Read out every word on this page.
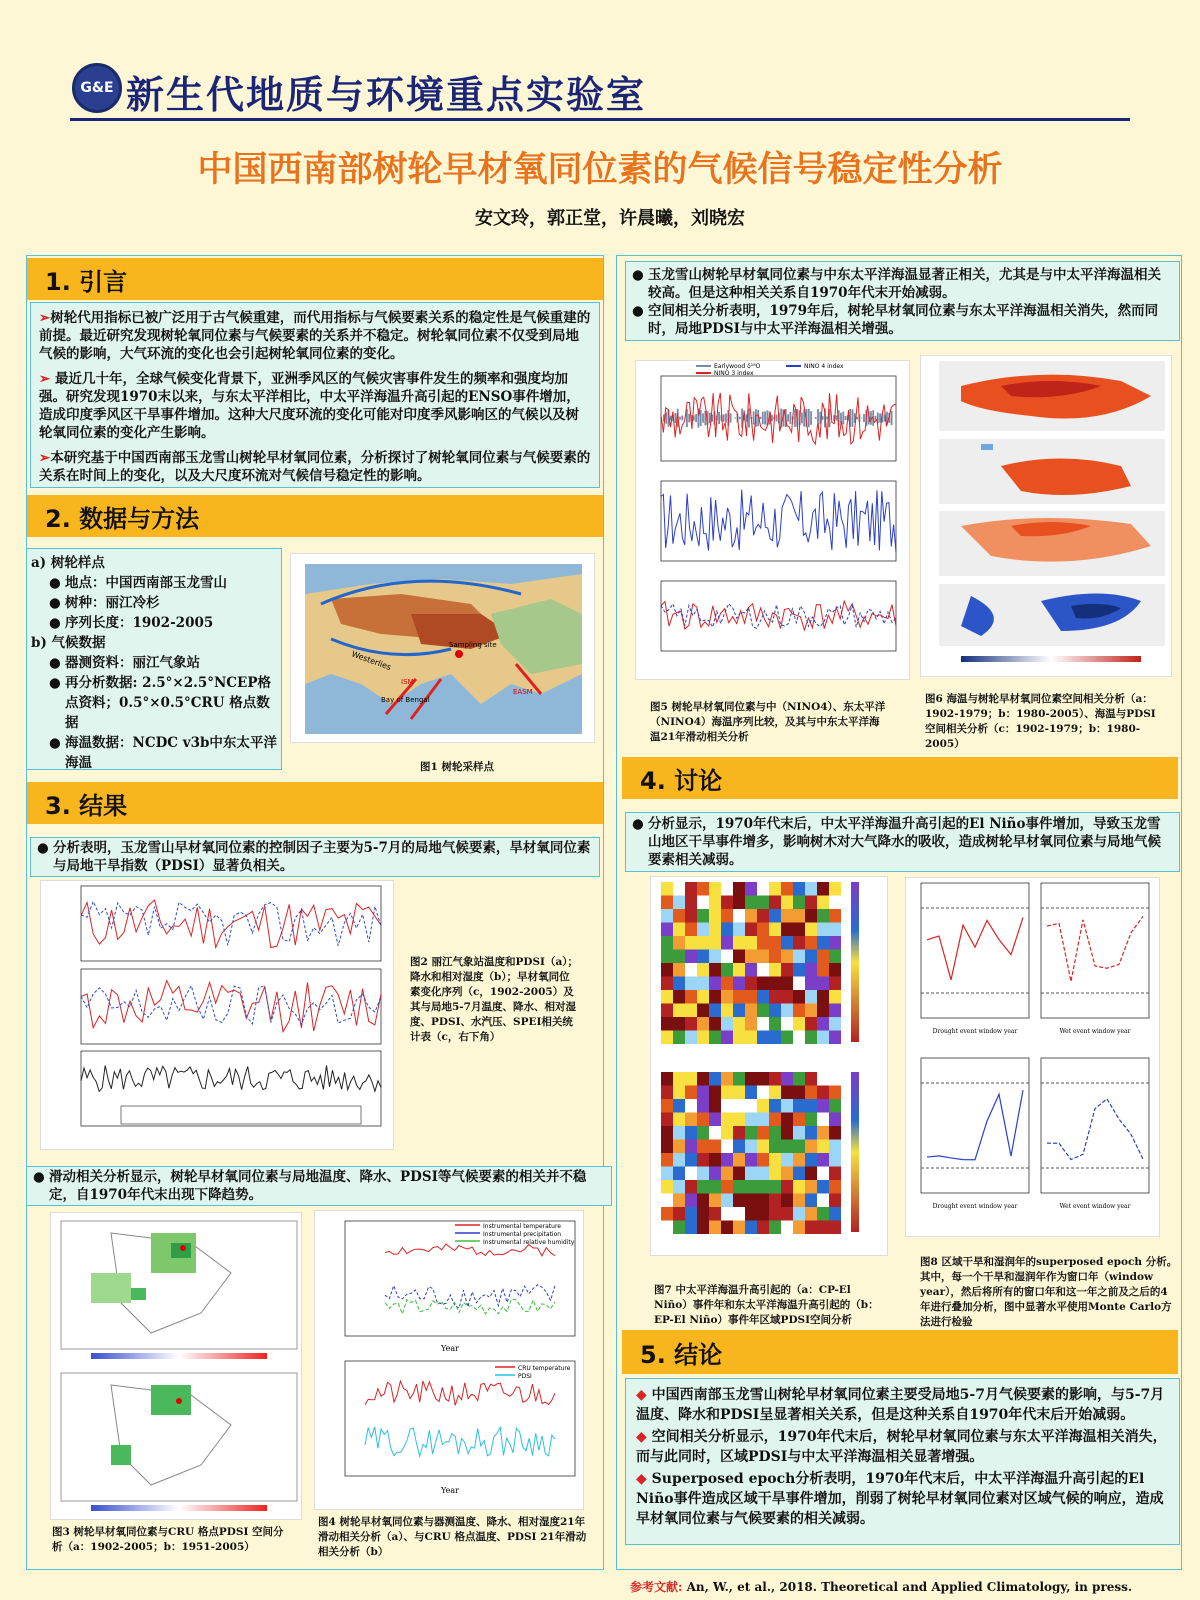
G&E 新生代地质与环境重点实验室
中国西南部树轮早材氧同位素的气候信号稳定性分析
安文玲，郭正堂，许晨曦，刘晓宏
1. 引言

➢树轮代用指标已被广泛用于古气候重建，而代用指标与气候要素关系的稳定性是气候重建的前提。最近研究发现树轮氧同位素与气候要素的关系并不稳定。树轮氧同位素不仅受到局地气候的影响，大气环流的变化也会引起树轮氧同位素的变化。

➢ 最近几十年，全球气候变化背景下，亚洲季风区的气候灾害事件发生的频率和强度均加强。研究发现1970末以来，与东太平洋相比，中太平洋海温升高引起的ENSO事件增加，造成印度季风区干旱事件增加。这种大尺度环流的变化可能对印度季风影响区的气候以及树轮氧同位素的变化产生影响。

➢本研究基于中国西南部玉龙雪山树轮早材氧同位素，分析探讨了树轮氧同位素与气候要素的关系在时间上的变化，以及大尺度环流对气候信号稳定性的影响。

2. 数据与方法
a) 树轮样点
● 地点：中国西南部玉龙雪山
● 树种：丽江冷杉
● 序列长度：1902-2005
b) 气候数据
● 器测资料：丽江气象站
● 再分析数据: 2.5°×2.5°NCEP格点资料；0.5°×0.5°CRU 格点数据
● 海温数据：NCDC v3b中东太平洋海温
Westerlies
Sampling site
Bay of Bengal
EASM
ISM
图1 树轮采样点
3. 结果
● 分析表明，玉龙雪山早材氧同位素的控制因子主要为5-7月的局地气候要素，旱材氧同位素与局地干旱指数（PDSI）显著负相关。
图2 丽江气象站温度和PDSI（a）；降水和相对湿度（b）；早材氧同位素变化序列（c，1902-2005）及其与局地5-7月温度、降水、相对湿度、PDSI、水汽压、SPEI相关统计表（c，右下角）
● 滑动相关分析显示，树轮早材氧同位素与局地温度、降水、PDSI等气候要素的相关并不稳定，自1970年代末出现下降趋势。
Instrumental temperature
Instrumental precipitation
Instrumental relative humidity
CRU temperature
PDSI
Year
Year
图3 树轮早材氧同位素与CRU 格点PDSI 空间分析（a：1902-2005；b：1951-2005）
图4 树轮早材氧同位素与器测温度、降水、相对湿度21年滑动相关分析（a）、与CRU 格点温度、PDSI 21年滑动相关分析（b）
● 玉龙雪山树轮早材氧同位素与中东太平洋海温显著正相关，尤其是与中太平洋海温相关较高。但是这种相关关系自1970年代末开始减弱。
● 空间相关分析表明，1979年后，树轮早材氧同位素与东太平洋海温相关消失，然而同时，局地PDSI与中太平洋海温相关增强。
Earlywood δ¹⁸O	NINO 4 index
NINO 3 index
图5 树轮早材氧同位素与中（NINO4）、东太平洋（NINO4）海温序列比较，及其与中东太平洋海温21年滑动相关分析
图6 海温与树轮早材氧同位素空间相关分析（a：1902-1979；b：1980-2005）、海温与PDSI 空间相关分析（c：1902-1979；b：1980-2005）
4. 讨论
● 分析显示，1970年代末后，中太平洋海温升高引起的El Niño事件增加，导致玉龙雪山地区干旱事件增多，影响树木对大气降水的吸收，造成树轮早材氧同位素与局地气候要素相关减弱。
Drought event window year	Wet event window year
Drought event window year	Wet event window year
图7 中太平洋海温升高引起的（a：CP-El Niño）事件年和东太平洋海温升高引起的（b：EP-El Niño）事件年区域PDSI空间分析
图8 区域干旱和湿润年的superposed epoch 分析。其中，每一个干旱和湿润年作为窗口年（window year），然后将所有的窗口年和这一年之前及之后的4年进行叠加分析，图中显著水平使用Monte Carlo方法进行检验
5. 结论

◆ 中国西南部玉龙雪山树轮早材氧同位素主要受局地5-7月气候要素的影响，与5-7月温度、降水和PDSI呈显著相关关系，但是这种关系自1970年代末后开始减弱。

◆ 空间相关分析显示，1970年代末后，树轮早材氧同位素与东太平洋海温相关消失，而与此同时，区域PDSI与中太平洋海温相关显著增强。

◆ Superposed epoch分析表明，1970年代末后，中太平洋海温升高引起的El Niño事件造成区域干旱事件增加，削弱了树轮早材氧同位素对区域气候的响应，造成早材氧同位素与气候要素的相关减弱。

参考文献: An, W., et al., 2018. Theoretical and Applied Climatology, in press.
